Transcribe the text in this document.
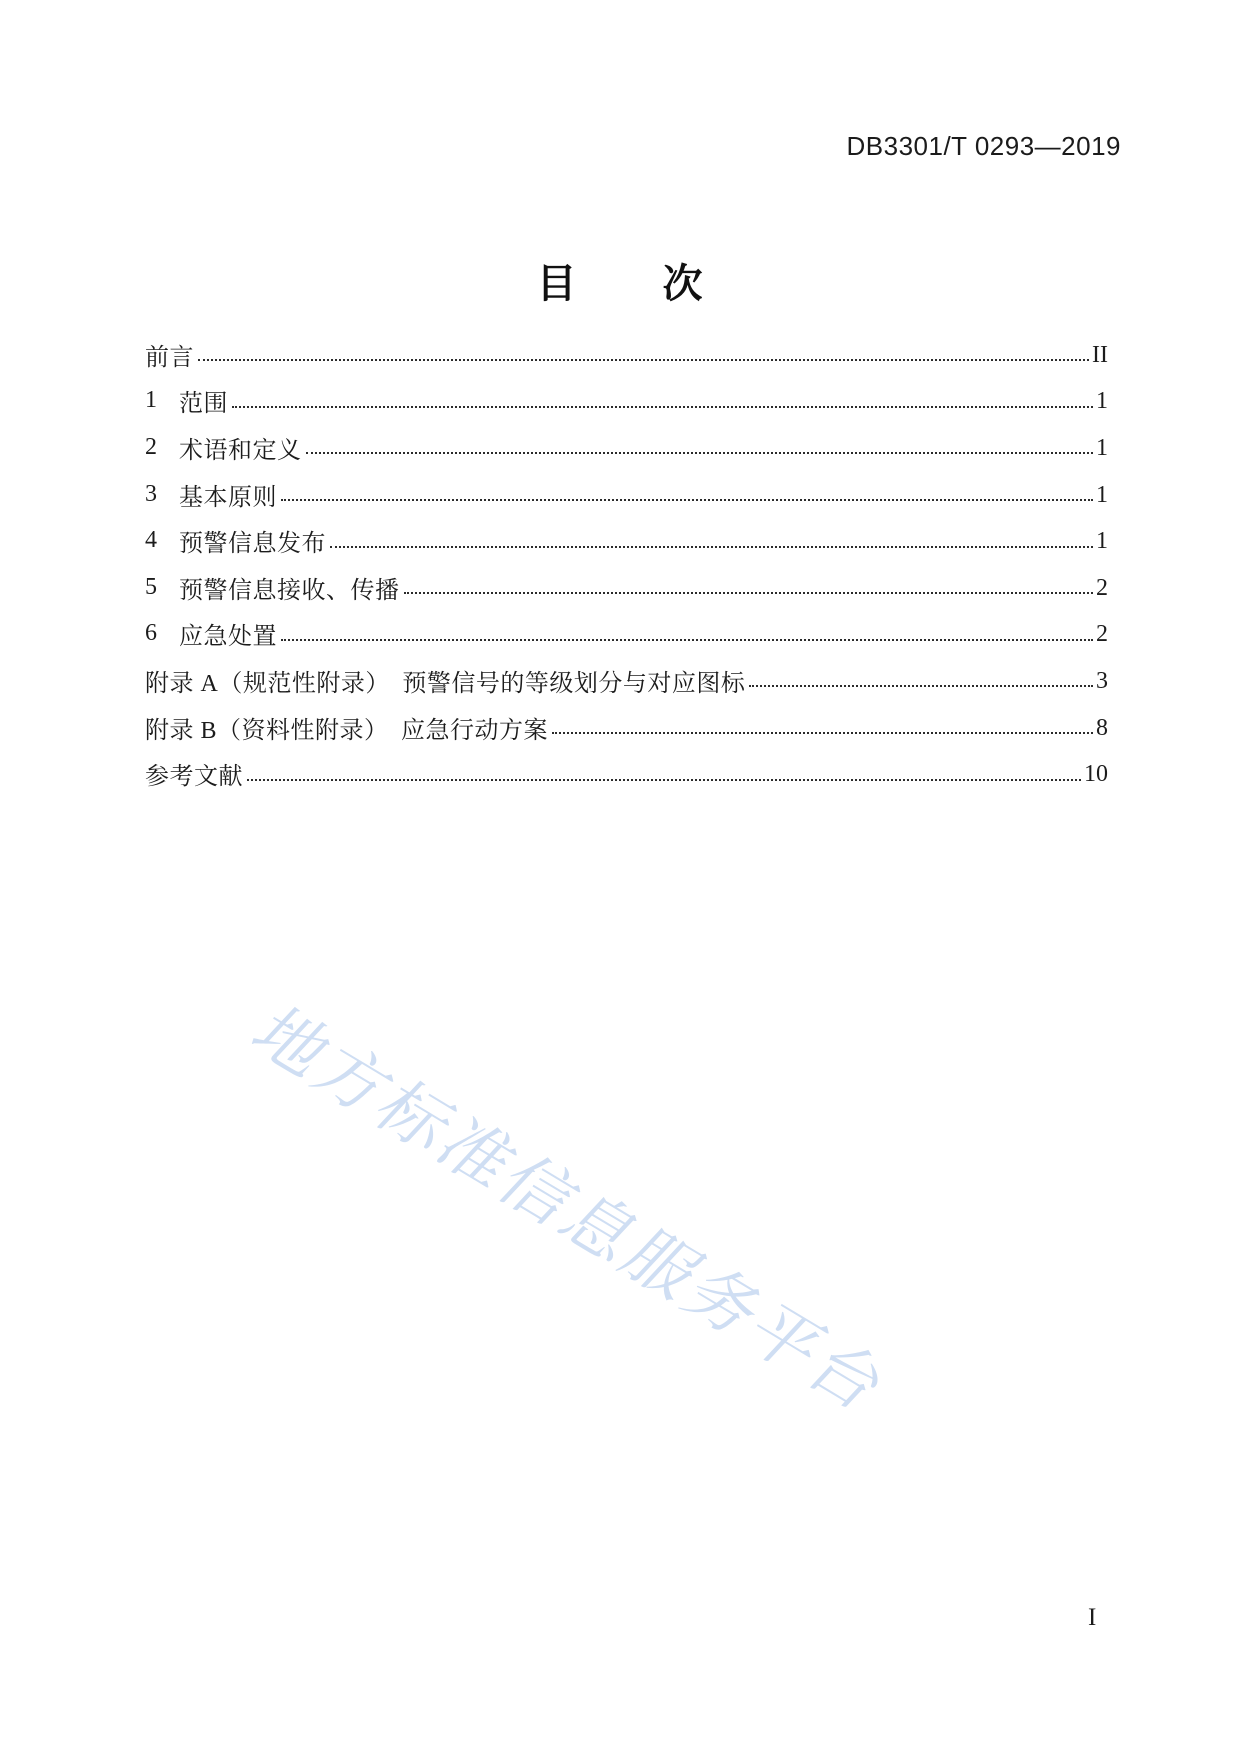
DB3301/T 0293—2019
目　　次
前言	II
1 范围	1
2 术语和定义	1
3 基本原则	1
4 预警信息发布	1
5 预警信息接收、传播	2
6 应急处置	2
附录 A（规范性附录）　预警信号的等级划分与对应图标	3
附录 B（资料性附录）　应急行动方案	8
参考文献	10
地方标准信息服务平台
I
